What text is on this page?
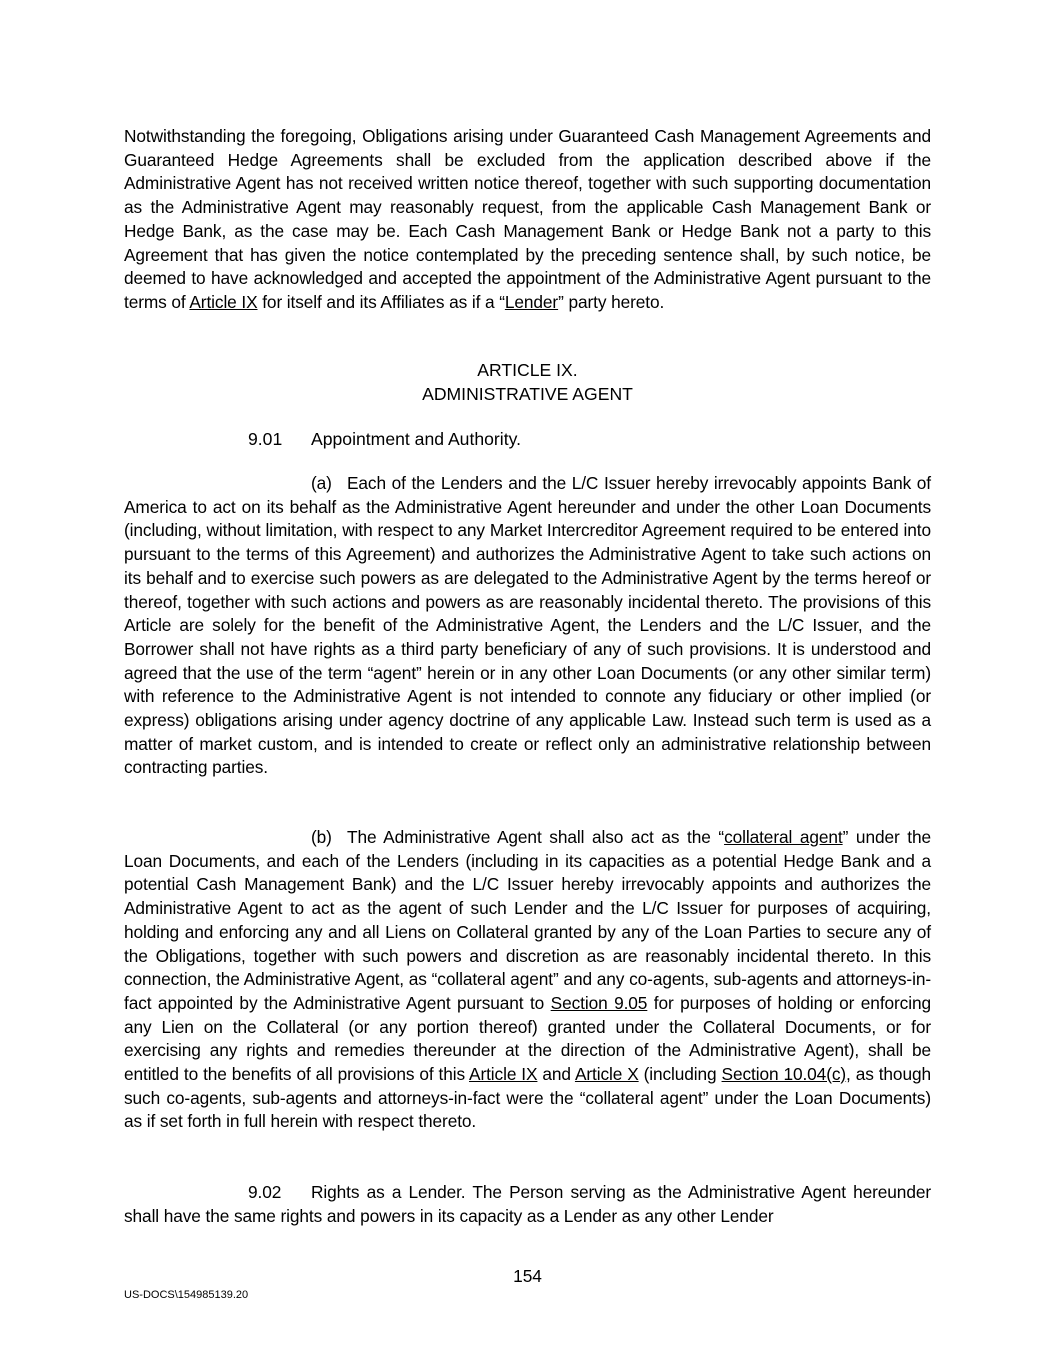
Notwithstanding the foregoing, Obligations arising under Guaranteed Cash Management Agreements and Guaranteed Hedge Agreements shall be excluded from the application described above if the Administrative Agent has not received written notice thereof, together with such supporting documentation as the Administrative Agent may reasonably request, from the applicable Cash Management Bank or Hedge Bank, as the case may be. Each Cash Management Bank or Hedge Bank not a party to this Agreement that has given the notice contemplated by the preceding sentence shall, by such notice, be deemed to have acknowledged and accepted the appointment of the Administrative Agent pursuant to the terms of Article IX for itself and its Affiliates as if a “Lender” party hereto.
ARTICLE IX.
ADMINISTRATIVE AGENT
9.01 Appointment and Authority.
(a) Each of the Lenders and the L/C Issuer hereby irrevocably appoints Bank of America to act on its behalf as the Administrative Agent hereunder and under the other Loan Documents (including, without limitation, with respect to any Market Intercreditor Agreement required to be entered into pursuant to the terms of this Agreement) and authorizes the Administrative Agent to take such actions on its behalf and to exercise such powers as are delegated to the Administrative Agent by the terms hereof or thereof, together with such actions and powers as are reasonably incidental thereto. The provisions of this Article are solely for the benefit of the Administrative Agent, the Lenders and the L/C Issuer, and the Borrower shall not have rights as a third party beneficiary of any of such provisions. It is understood and agreed that the use of the term “agent” herein or in any other Loan Documents (or any other similar term) with reference to the Administrative Agent is not intended to connote any fiduciary or other implied (or express) obligations arising under agency doctrine of any applicable Law. Instead such term is used as a matter of market custom, and is intended to create or reflect only an administrative relationship between contracting parties.
(b) The Administrative Agent shall also act as the “collateral agent” under the Loan Documents, and each of the Lenders (including in its capacities as a potential Hedge Bank and a potential Cash Management Bank) and the L/C Issuer hereby irrevocably appoints and authorizes the Administrative Agent to act as the agent of such Lender and the L/C Issuer for purposes of acquiring, holding and enforcing any and all Liens on Collateral granted by any of the Loan Parties to secure any of the Obligations, together with such powers and discretion as are reasonably incidental thereto. In this connection, the Administrative Agent, as “collateral agent” and any co-agents, sub-agents and attorneys-in-fact appointed by the Administrative Agent pursuant to Section 9.05 for purposes of holding or enforcing any Lien on the Collateral (or any portion thereof) granted under the Collateral Documents, or for exercising any rights and remedies thereunder at the direction of the Administrative Agent), shall be entitled to the benefits of all provisions of this Article IX and Article X (including Section 10.04(c), as though such co-agents, sub-agents and attorneys-in-fact were the “collateral agent” under the Loan Documents) as if set forth in full herein with respect thereto.
9.02 Rights as a Lender. The Person serving as the Administrative Agent hereunder shall have the same rights and powers in its capacity as a Lender as any other Lender
154
US-DOCS\154985139.20
